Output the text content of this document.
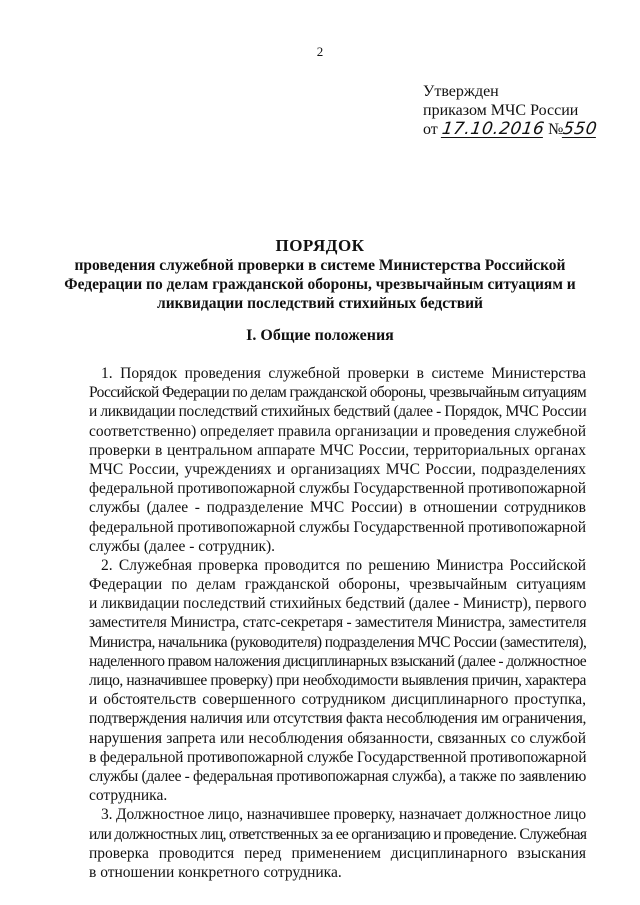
2
Утвержден
приказом МЧС России
от 17.10.2016 №550
ПОРЯДОК
проведения служебной проверки в системе Министерства Российской
Федерации по делам гражданской обороны, чрезвычайным ситуациям и
ликвидации последствий стихийных бедствий
I. Общие положения
1. Порядок проведения служебной проверки в системе Министерства
Российской Федерации по делам гражданской обороны, чрезвычайным ситуациям
и ликвидации последствий стихийных бедствий (далее - Порядок, МЧС России
соответственно) определяет правила организации и проведения служебной
проверки в центральном аппарате МЧС России, территориальных органах
МЧС России, учреждениях и организациях МЧС России, подразделениях
федеральной противопожарной службы Государственной противопожарной
службы (далее - подразделение МЧС России) в отношении сотрудников
федеральной противопожарной службы Государственной противопожарной
службы (далее - сотрудник).
2. Служебная проверка проводится по решению Министра Российской
Федерации по делам гражданской обороны, чрезвычайным ситуациям
и ликвидации последствий стихийных бедствий (далее - Министр), первого
заместителя Министра, статс-секретаря - заместителя Министра, заместителя
Министра, начальника (руководителя) подразделения МЧС России (заместителя),
наделенного правом наложения дисциплинарных взысканий (далее - должностное
лицо, назначившее проверку) при необходимости выявления причин, характера
и обстоятельств совершенного сотрудником дисциплинарного проступка,
подтверждения наличия или отсутствия факта несоблюдения им ограничения,
нарушения запрета или несоблюдения обязанности, связанных со службой
в федеральной противопожарной службе Государственной противопожарной
службы (далее - федеральная противопожарная служба), а также по заявлению
сотрудника.
3. Должностное лицо, назначившее проверку, назначает должностное лицо
или должностных лиц, ответственных за ее организацию и проведение. Служебная
проверка проводится перед применением дисциплинарного взыскания
в отношении конкретного сотрудника.
